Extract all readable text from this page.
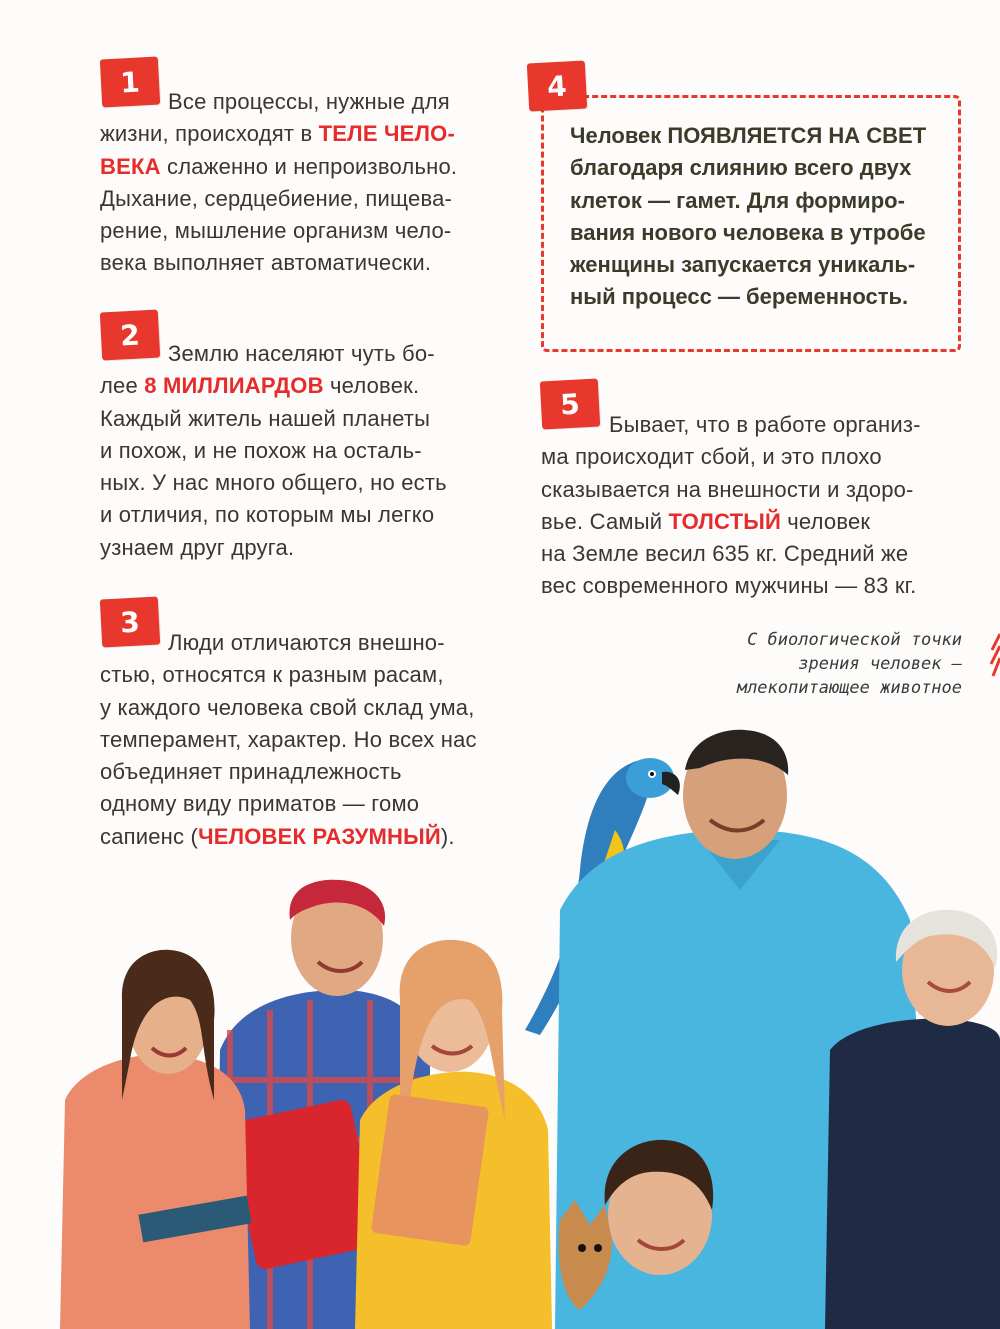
1
Все процессы, нужные для
жизни, происходят в ТЕЛЕ ЧЕЛО-
ВЕКА слаженно и непроизвольно.
Дыхание, сердцебиение, пищева-
рение, мышление организм чело-
века выполняет автоматически.
2
Землю населяют чуть бо-
лее 8 МИЛЛИАРДОВ человек.
Каждый житель нашей планеты
и похож, и не похож на осталь-
ных. У нас много общего, но есть
и отличия, по которым мы легко
узнаем друг друга.
3
Люди отличаются внешно-
стью, относятся к разным расам,
у каждого человека свой склад ума,
темперамент, характер. Но всех нас
объединяет принадлежность
одному виду приматов — гомо
сапиенс (ЧЕЛОВЕК РАЗУМНЫЙ).
4
Человек ПОЯВЛЯЕТСЯ НА СВЕТ
благодаря слиянию всего двух
клеток — гамет. Для формиро-
вания нового человека в утробе
женщины запускается уникаль-
ный процесс — беременность.
5
Бывает, что в работе организ-
ма происходит сбой, и это плохо
сказывается на внешности и здоро-
вье. Самый ТОЛСТЫЙ человек
на Земле весил 635 кг. Средний же
вес современного мужчины — 83 кг.
С биологической точки
зрения человек —
млекопитающее животное
